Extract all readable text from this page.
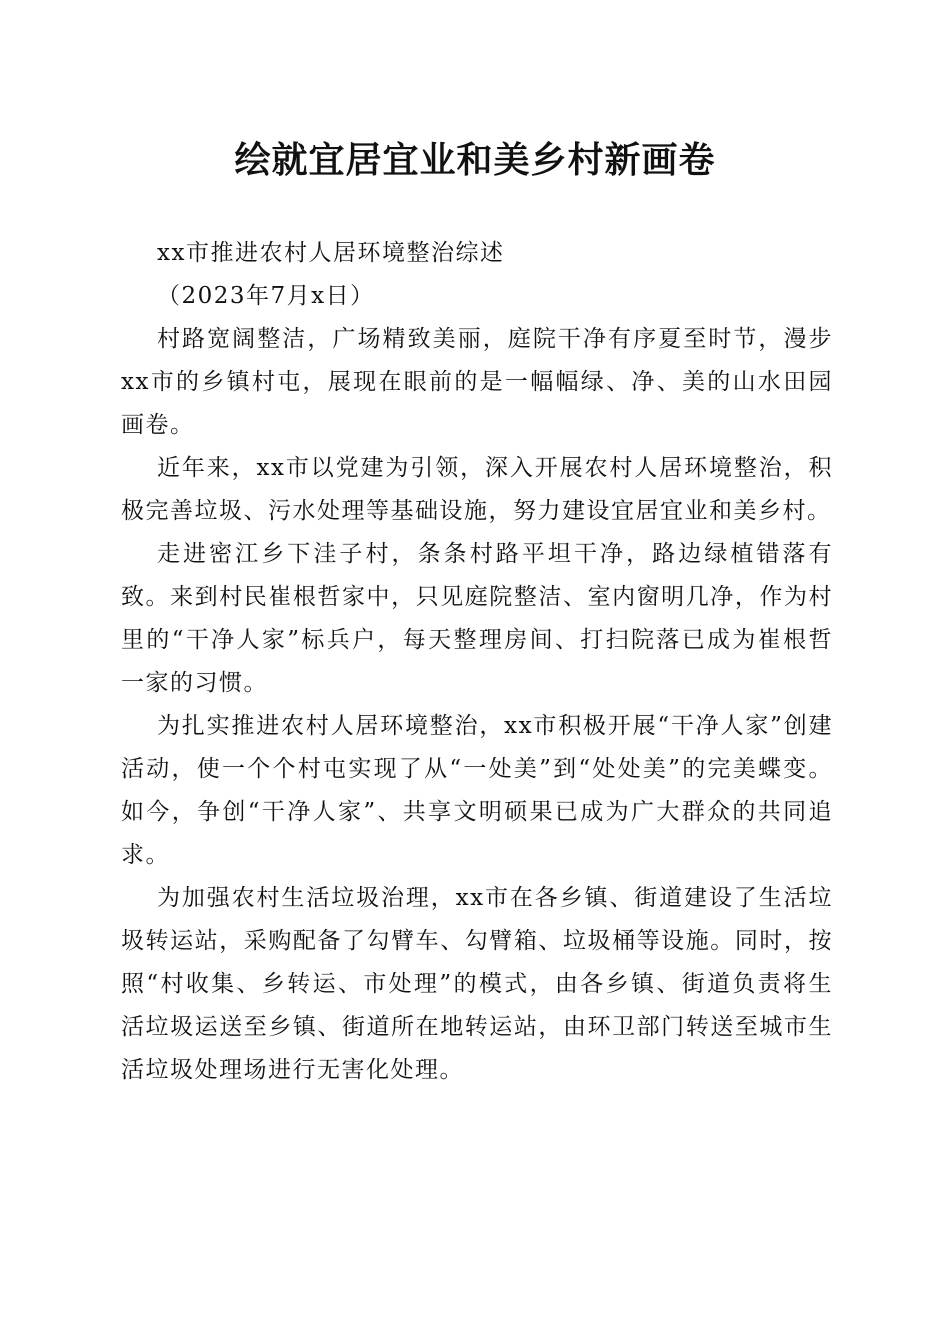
绘就宜居宜业和美乡村新画卷

xx市推进农村人居环境整治综述

（2023年7月x日）

村路宽阔整洁，广场精致美丽，庭院干净有序夏至时节，漫步xx市的乡镇村屯，展现在眼前的是一幅幅绿、净、美的山水田园画卷。

近年来，xx市以党建为引领，深入开展农村人居环境整治，积极完善垃圾、污水处理等基础设施，努力建设宜居宜业和美乡村。

走进密江乡下洼子村，条条村路平坦干净，路边绿植错落有致。来到村民崔根哲家中，只见庭院整洁、室内窗明几净，作为村里的“干净人家”标兵户，每天整理房间、打扫院落已成为崔根哲一家的习惯。

为扎实推进农村人居环境整治，xx市积极开展“干净人家”创建活动，使一个个村屯实现了从“一处美”到“处处美”的完美蝶变。如今，争创“干净人家”、共享文明硕果已成为广大群众的共同追求。

为加强农村生活垃圾治理，xx市在各乡镇、街道建设了生活垃圾转运站，采购配备了勾臂车、勾臂箱、垃圾桶等设施。同时，按照“村收集、乡转运、市处理”的模式，由各乡镇、街道负责将生活垃圾运送至乡镇、街道所在地转运站，由环卫部门转送至城市生活垃圾处理场进行无害化处理。
